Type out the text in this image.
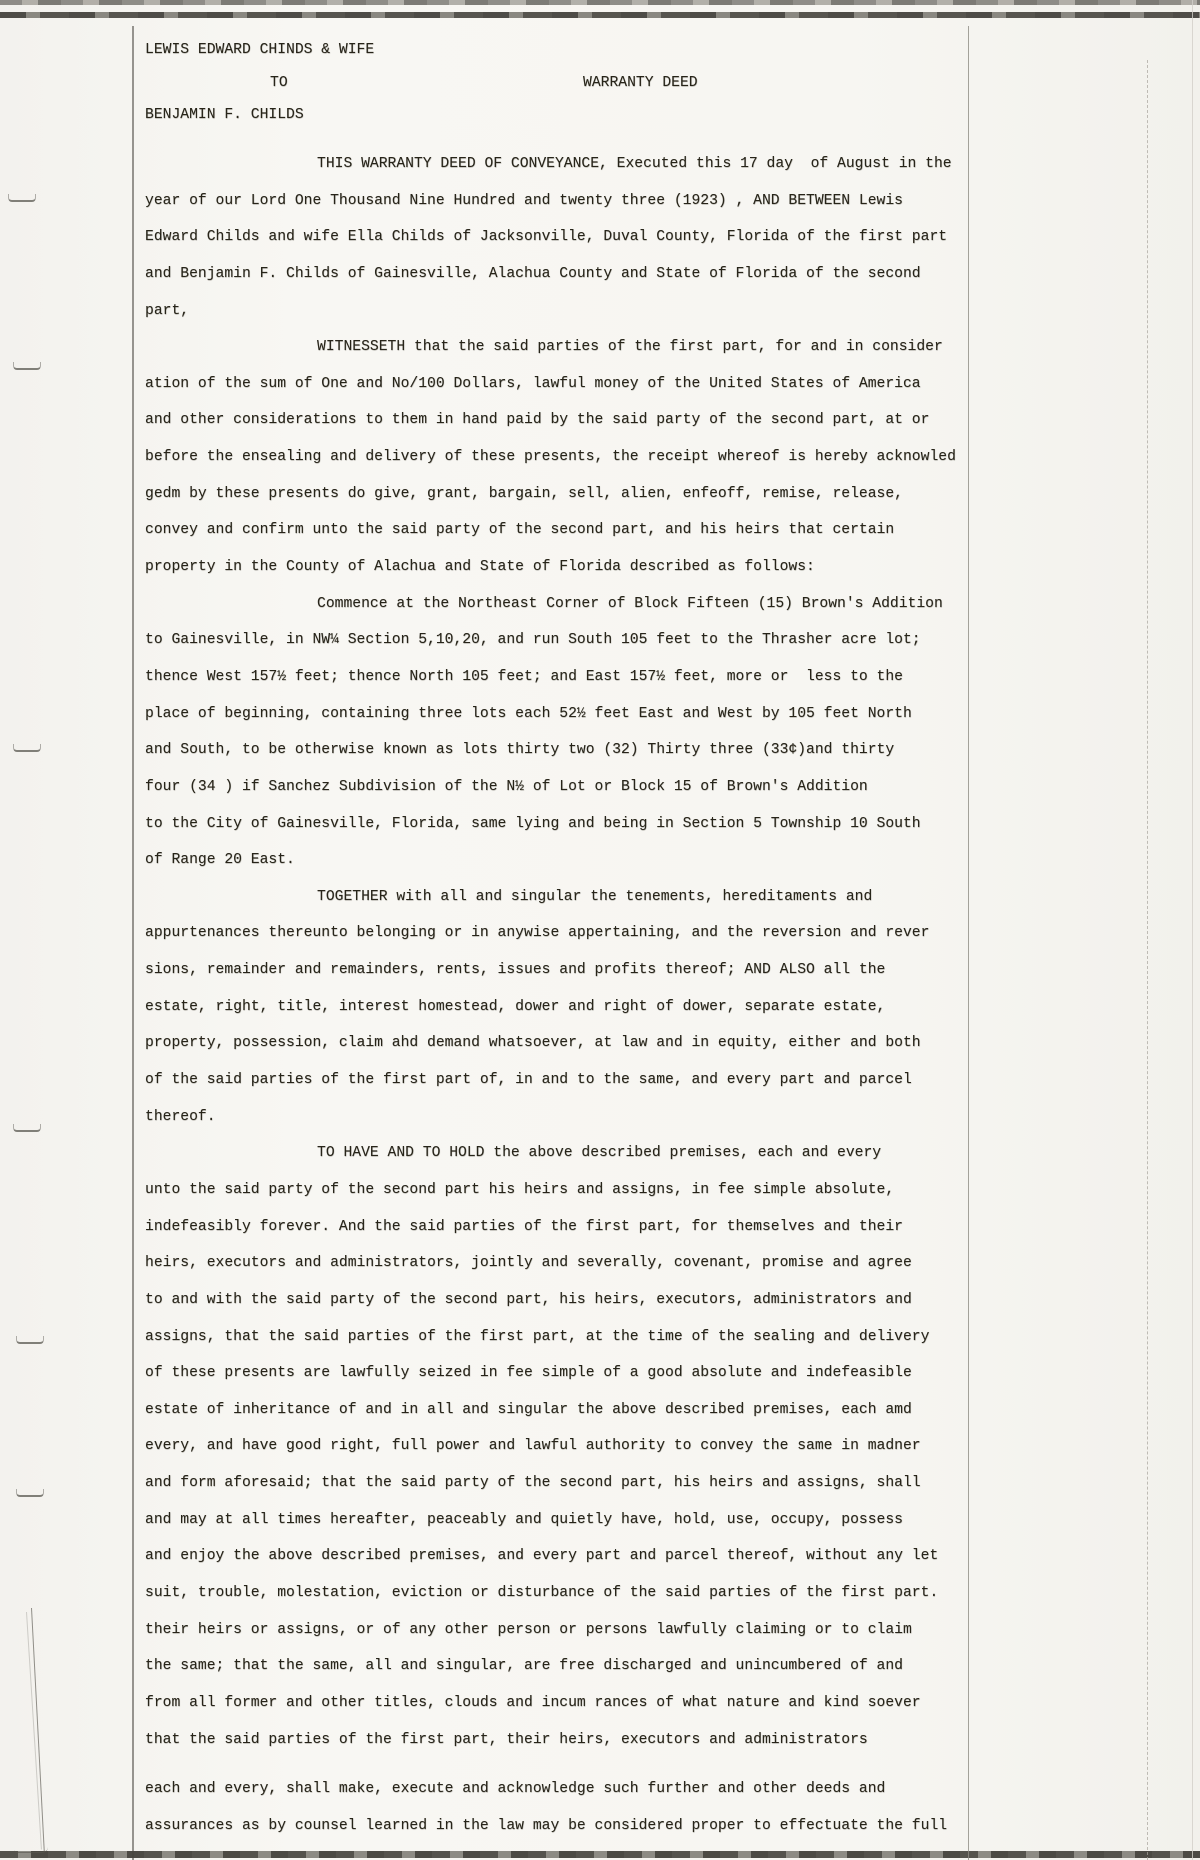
LEWIS EDWARD CHINDS & WIFE
TO	WARRANTY DEED
BENJAMIN F. CHILDS
THIS WARRANTY DEED OF CONVEYANCE, Executed this 17 day  of August in the
year of our Lord One Thousand Nine Hundred and twenty three (1923) , AND BETWEEN Lewis
Edward Childs and wife Ella Childs of Jacksonville, Duval County, Florida of the first part
and Benjamin F. Childs of Gainesville, Alachua County and State of Florida of the second
part,
WITNESSETH that the said parties of the first part, for and in consider
ation of the sum of One and No/100 Dollars, lawful money of the United States of America
and other considerations to them in hand paid by the said party of the second part, at or
before the ensealing and delivery of these presents, the receipt whereof is hereby acknowled
gedm by these presents do give, grant, bargain, sell, alien, enfeoff, remise, release,
convey and confirm unto the said party of the second part, and his heirs that certain
property in the County of Alachua and State of Florida described as follows:
Commence at the Northeast Corner of Block Fifteen (15) Brown's Addition
to Gainesville, in NW¼ Section 5,10,20, and run South 105 feet to the Thrasher acre lot;
thence West 157½ feet; thence North 105 feet; and East 157½ feet, more or  less to the
place of beginning, containing three lots each 52½ feet East and West by 105 feet North
and South, to be otherwise known as lots thirty two (32) Thirty three (33¢)and thirty
four (34 ) if Sanchez Subdivision of the N½ of Lot or Block 15 of Brown's Addition
to the City of Gainesville, Florida, same lying and being in Section 5 Township 10 South
of Range 20 East.
TOGETHER with all and singular the tenements, hereditaments and
appurtenances thereunto belonging or in anywise appertaining, and the reversion and rever
sions, remainder and remainders, rents, issues and profits thereof; AND ALSO all the
estate, right, title, interest homestead, dower and right of dower, separate estate,
property, possession, claim ahd demand whatsoever, at law and in equity, either and both
of the said parties of the first part of, in and to the same, and every part and parcel
thereof.
TO HAVE AND TO HOLD the above described premises, each and every
unto the said party of the second part his heirs and assigns, in fee simple absolute,
indefeasibly forever. And the said parties of the first part, for themselves and their
heirs, executors and administrators, jointly and severally, covenant, promise and agree
to and with the said party of the second part, his heirs, executors, administrators and
assigns, that the said parties of the first part, at the time of the sealing and delivery
of these presents are lawfully seized in fee simple of a good absolute and indefeasible
estate of inheritance of and in all and singular the above described premises, each amd
every, and have good right, full power and lawful authority to convey the same in madner
and form aforesaid; that the said party of the second part, his heirs and assigns, shall
and may at all times hereafter, peaceably and quietly have, hold, use, occupy, possess
and enjoy the above described premises, and every part and parcel thereof, without any let
suit, trouble, molestation, eviction or disturbance of the said parties of the first part.
their heirs or assigns, or of any other person or persons lawfully claiming or to claim
the same; that the same, all and singular, are free discharged and unincumbered of and
from all former and other titles, clouds and incum rances of what nature and kind soever
that the said parties of the first part, their heirs, executors and administrators
each and every, shall make, execute and acknowledge such further and other deeds and
assurances as by counsel learned in the law may be considered proper to effectuate the full
